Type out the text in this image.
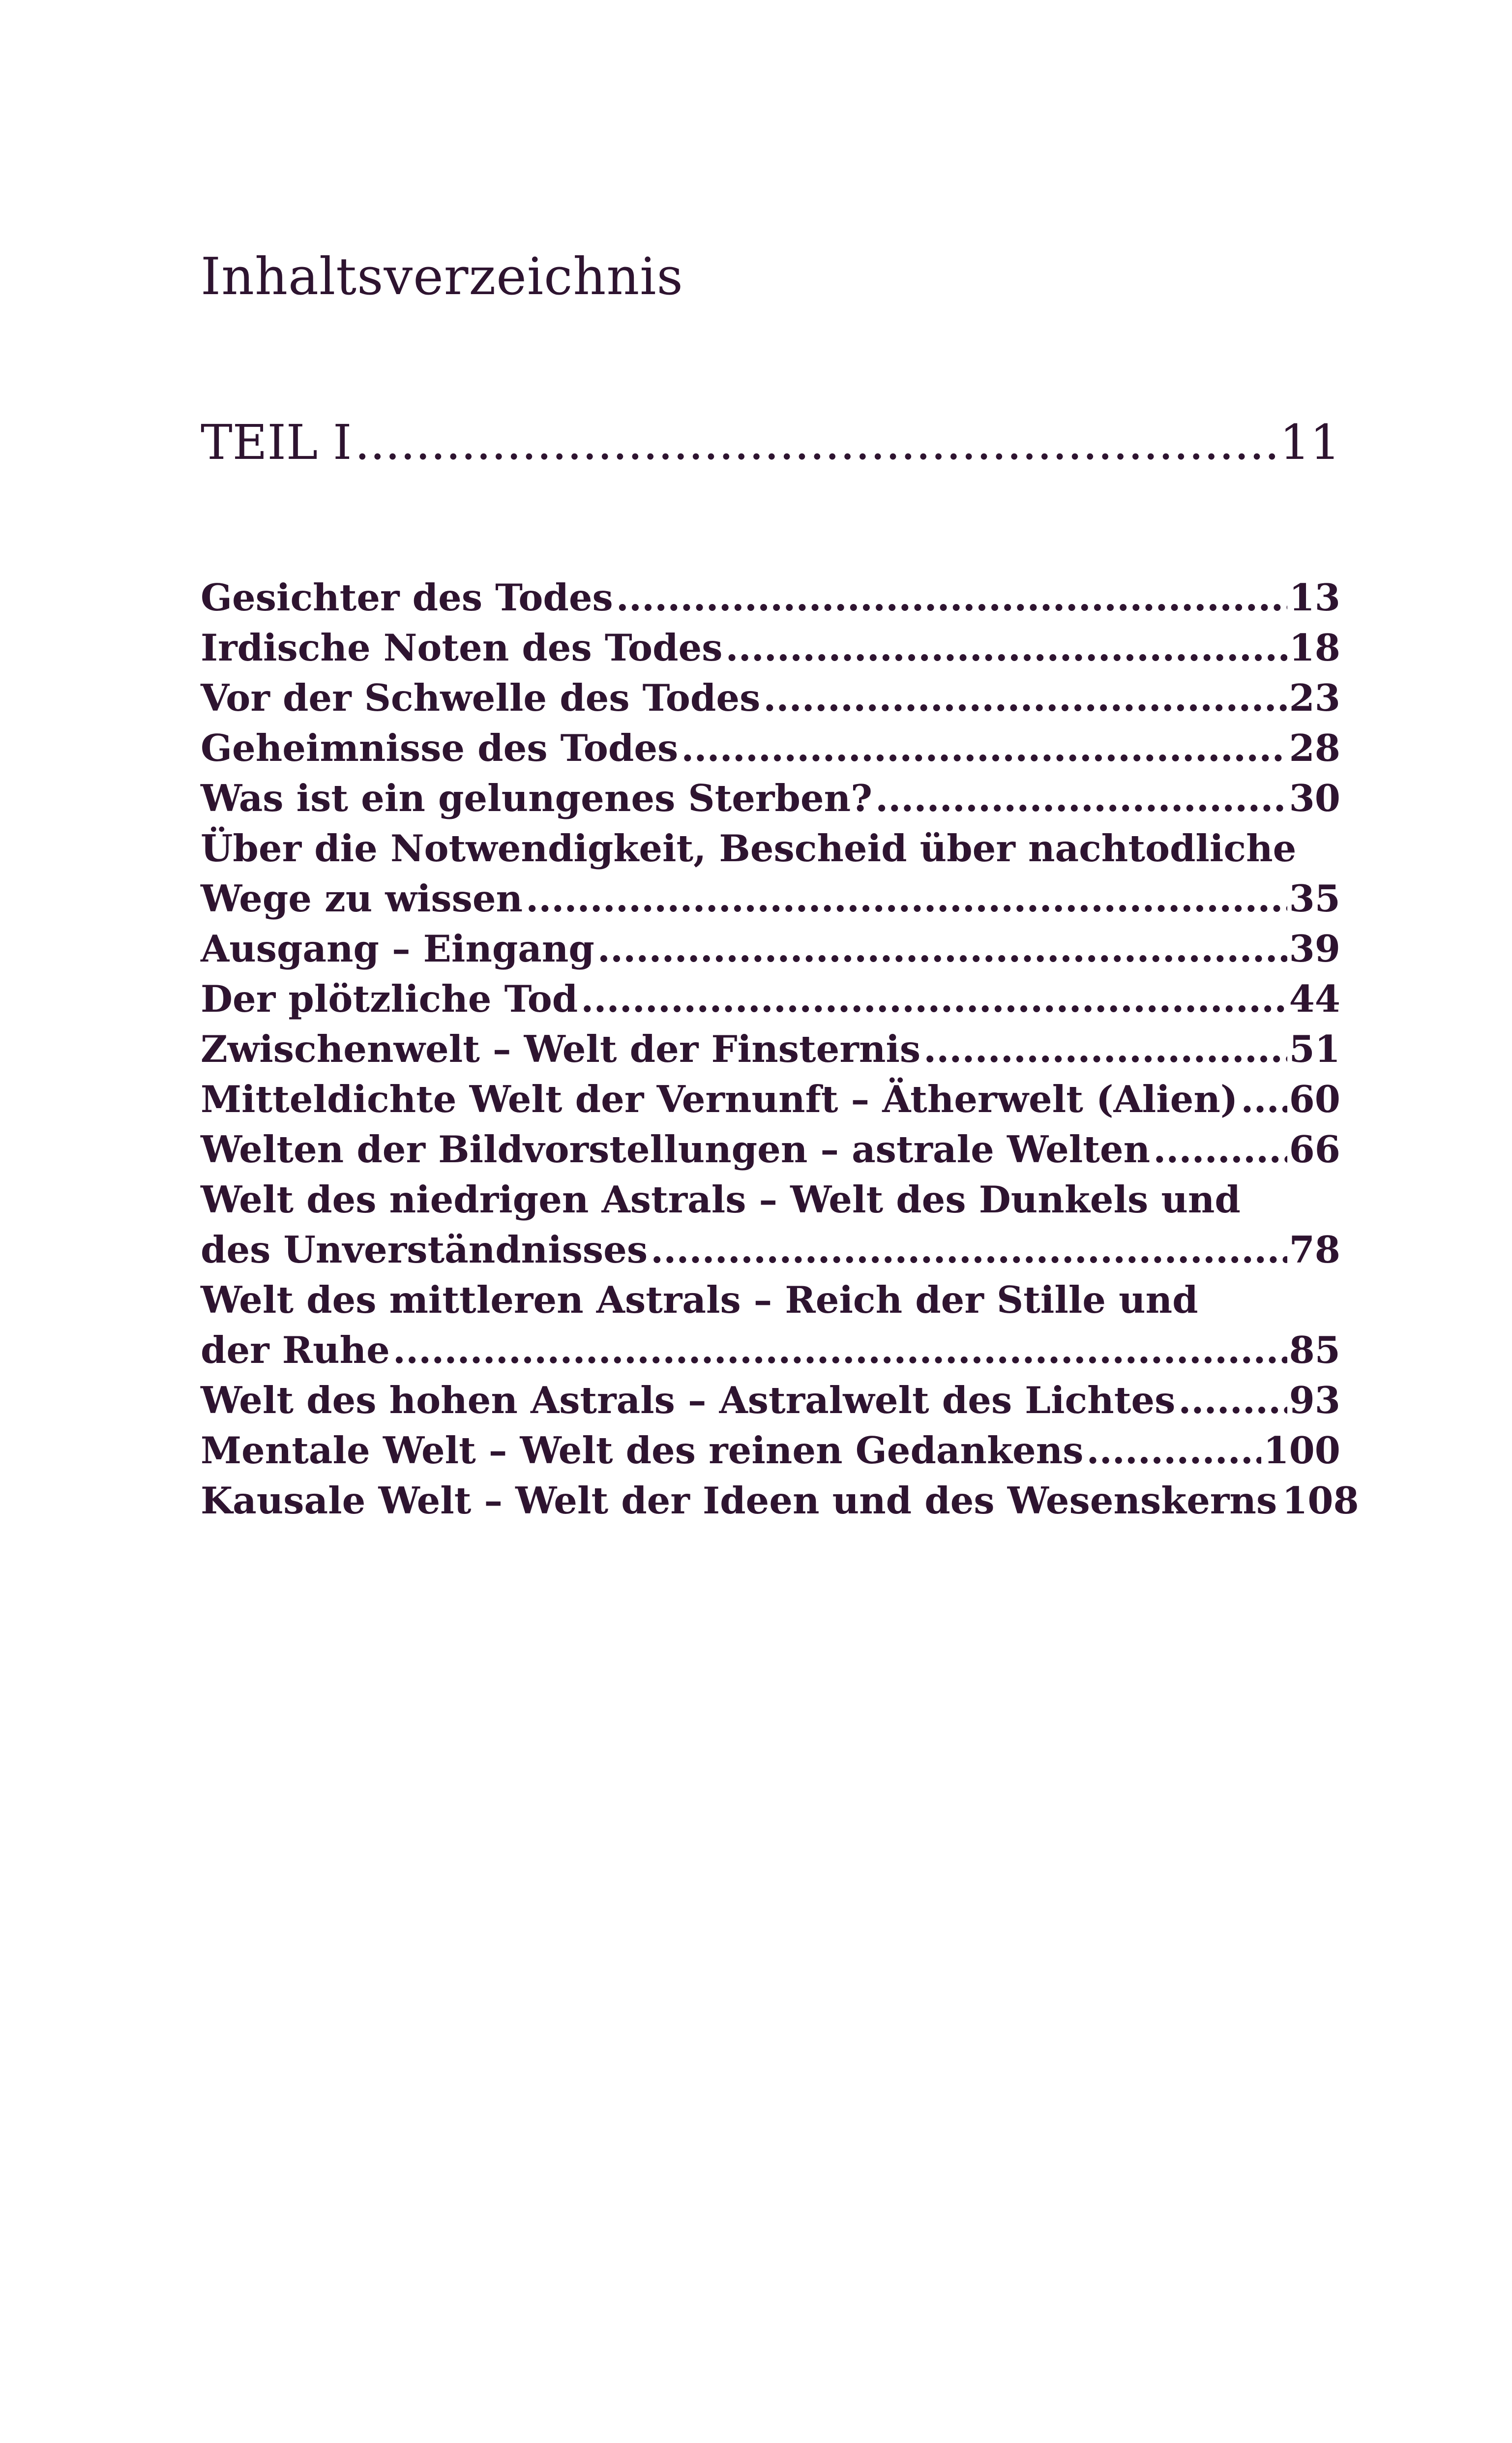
Inhaltsverzeichnis
TEIL I .....	11
Gesichter des Todes .....	13
Irdische Noten des Todes .....	18
Vor der Schwelle des Todes .....	23
Geheimnisse des Todes .....	28
Was ist ein gelungenes Sterben? .....	30
Über die Notwendigkeit, Bescheid über nachtodliche
Wege zu wissen .....	35
Ausgang – Eingang .....	39
Der plötzliche Tod .....	44
Zwischenwelt – Welt der Finsternis .....	51
Mitteldichte Welt der Vernunft – Ätherwelt (Alien) ..... 60
Welten der Bildvorstellungen – astrale Welten .....	66
Welt des niedrigen Astrals – Welt des Dunkels und
des Unverständnisses .....	78
Welt des mittleren Astrals – Reich der Stille und
der Ruhe .....	85
Welt des hohen Astrals – Astralwelt des Lichtes .....	93
Mentale Welt – Welt des reinen Gedankens .....	100
Kausale Welt – Welt der Ideen und des Wesenskerns 108
